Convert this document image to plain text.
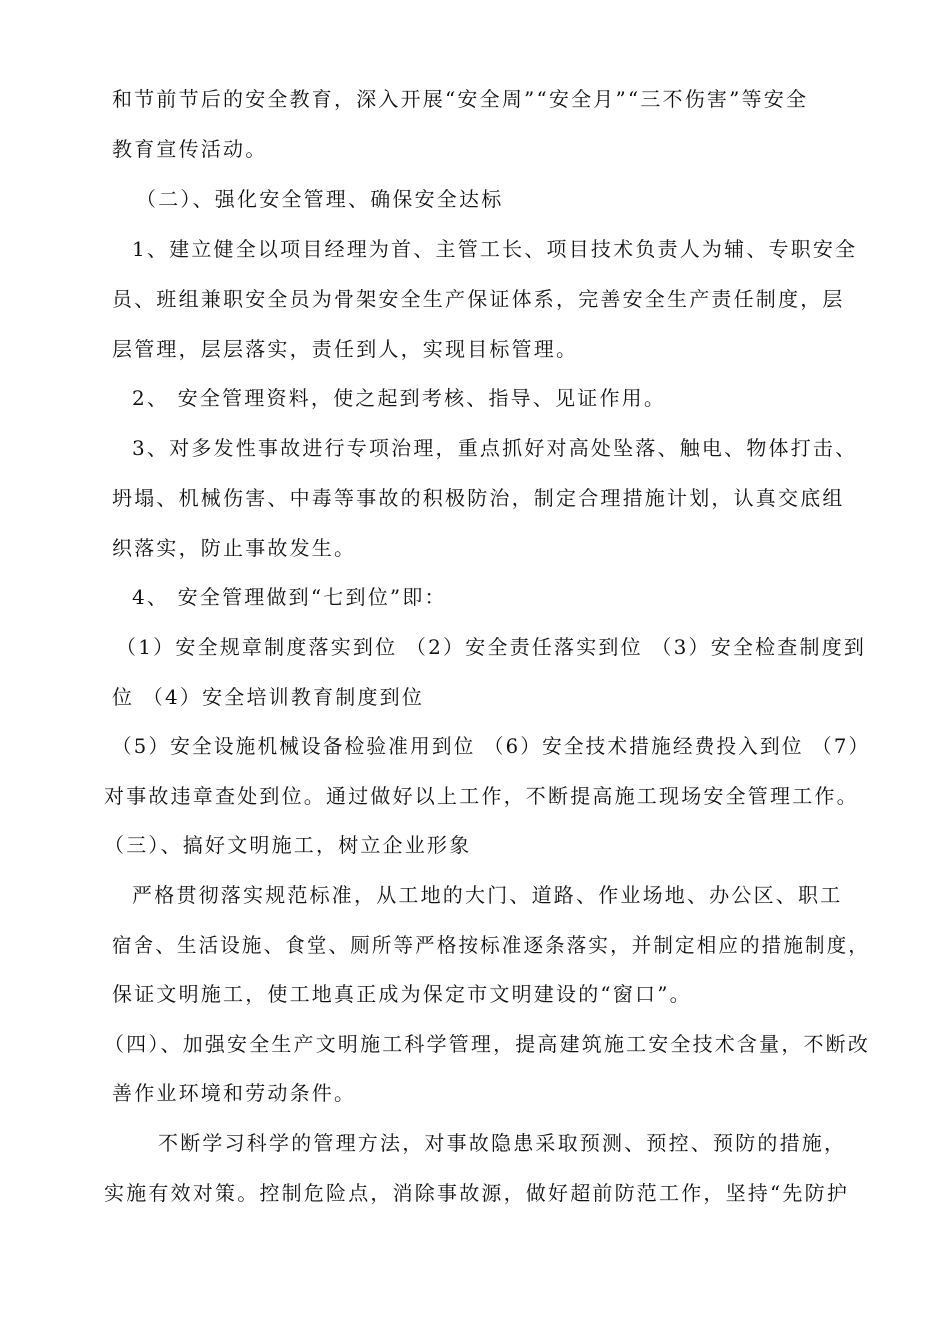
和节前节后的安全教育，深入开展“安全周”“安全月”“三不伤害”等安全
教育宣传活动。
（二）、强化安全管理、确保安全达标
1、建立健全以项目经理为首、主管工长、项目技术负责人为辅、专职安全
员、班组兼职安全员为骨架安全生产保证体系，完善安全生产责任制度，层
层管理，层层落实，责任到人，实现目标管理。
2、 安全管理资料，使之起到考核、指导、见证作用。
3、对多发性事故进行专项治理，重点抓好对高处坠落、触电、物体打击、
坍塌、机械伤害、中毒等事故的积极防治，制定合理措施计划，认真交底组
织落实，防止事故发生。
4、 安全管理做到“七到位”即：
（1）安全规章制度落实到位 （2）安全责任落实到位 （3）安全检查制度到
位 （4）安全培训教育制度到位
（5）安全设施机械设备检验准用到位 （6）安全技术措施经费投入到位 （7）
对事故违章查处到位。通过做好以上工作，不断提高施工现场安全管理工作。
（三）、搞好文明施工，树立企业形象
严格贯彻落实规范标准，从工地的大门、道路、作业场地、办公区、职工
宿舍、生活设施、食堂、厕所等严格按标准逐条落实，并制定相应的措施制度，
保证文明施工，使工地真正成为保定市文明建设的“窗口”。
（四）、加强安全生产文明施工科学管理，提高建筑施工安全技术含量，不断改
善作业环境和劳动条件。
不断学习科学的管理方法，对事故隐患采取预测、预控、预防的措施，
实施有效对策。控制危险点，消除事故源，做好超前防范工作，坚持“先防护
